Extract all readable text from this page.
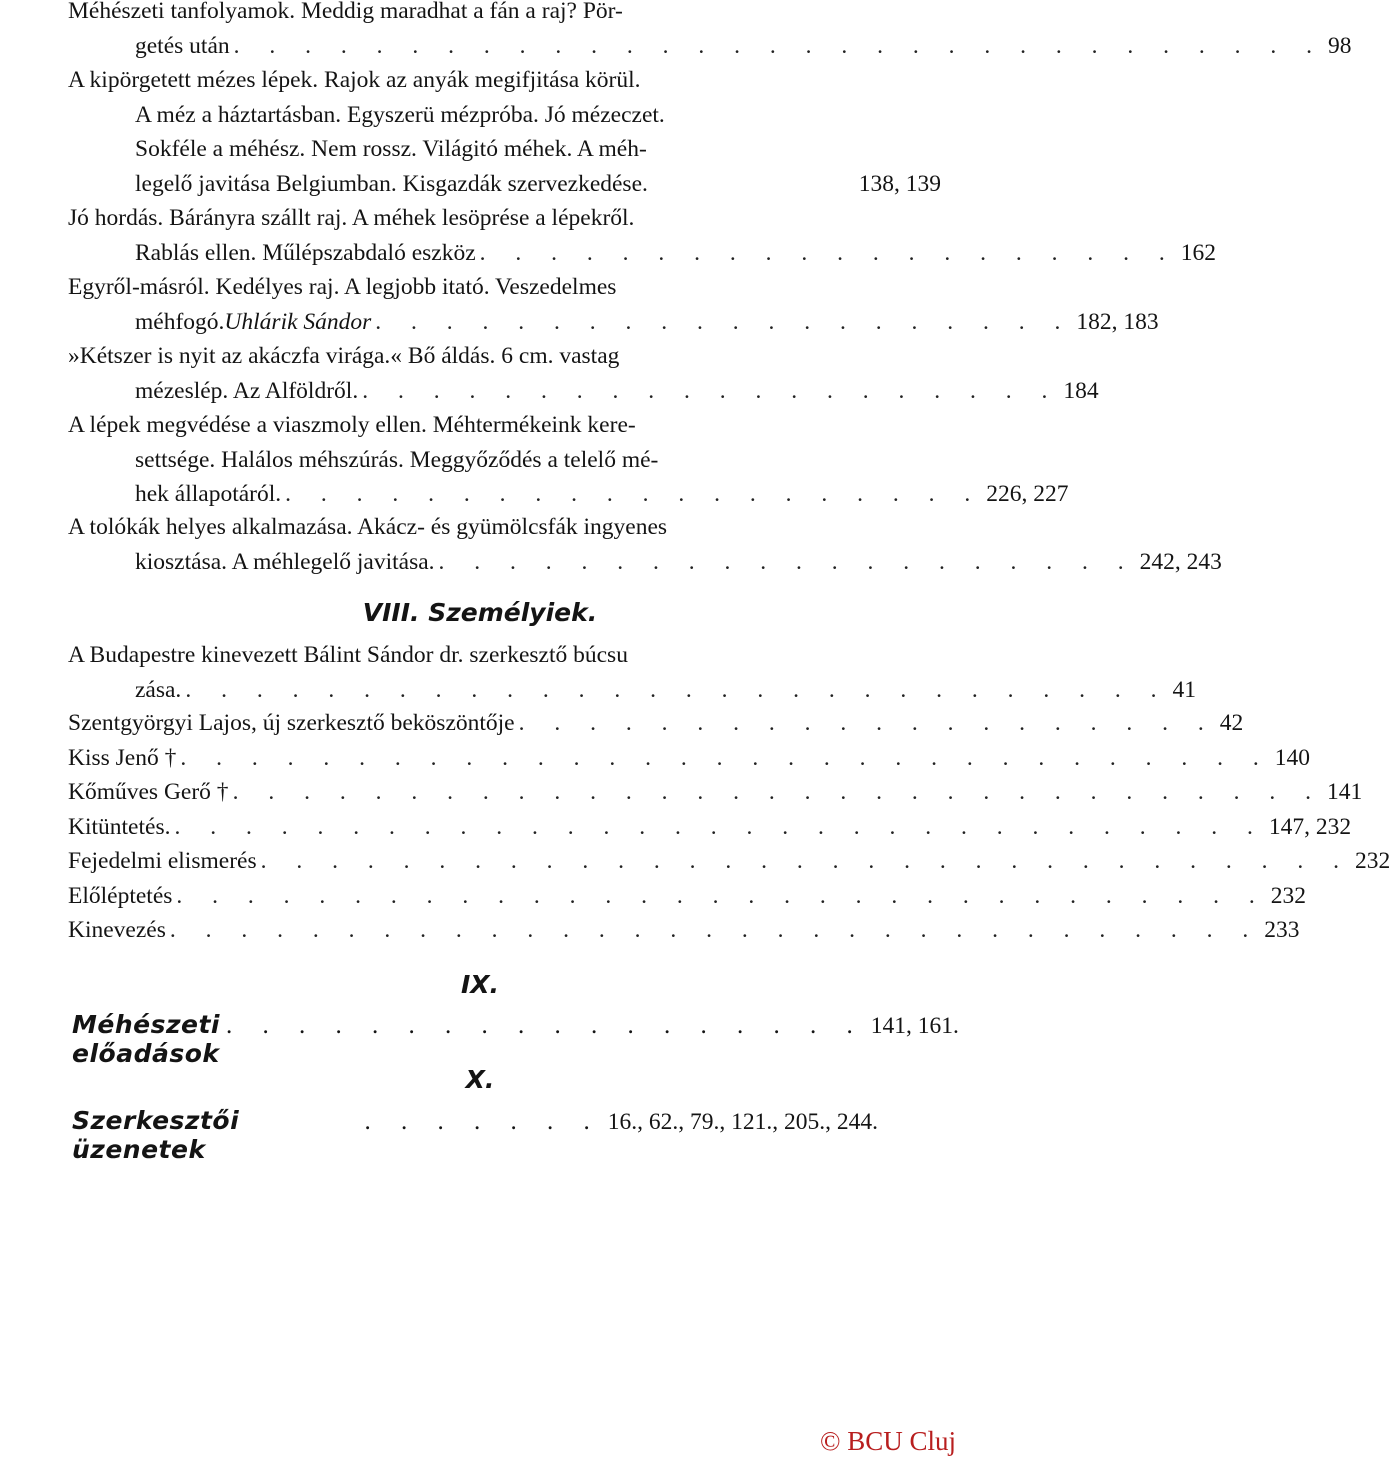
Méhészeti tanfolyamok. Meddig maradhat a fán a raj? Pör-
getés után . . . . . . . . . . . . . . . . . . . . . . . . . . . . . . . 98
A kipörgetett mézes lépek. Rajok az anyák megifjitása körül.
A méz a háztartásban. Egyszerü mézpróba. Jó mézeczet.
Sokféle a méhész. Nem rossz. Világitó méhek. A méh-
legelő javitása Belgiumban. Kisgazdák szervezkedése.	138, 139
Jó hordás. Bárányra szállt raj. A méhek lesöprése a lépekről.
Rablás ellen. Műlépszabdaló eszköz . . . . . . . . . . . . . . . . . . . . 162
Egyről-másról. Kedélyes raj. A legjobb itató. Veszedelmes
méhfogó. Uhlárik Sándor . . . . . . . . . . . . . . . . . . . . 182, 183
»Kétszer is nyit az akáczfa virága.« Bő áldás. 6 cm. vastag
mézeslép. Az Alföldről. . . . . . . . . . . . . . . . . . . . . 184
A lépek megvédése a viaszmoly ellen. Méhtermékeink kere-
settsége. Halálos méhszúrás. Meggyőződés a telelő mé-
hek állapotáról. . . . . . . . . . . . . . . . . . . . . 226, 227
A tolókák helyes alkalmazása. Akácz- és gyümölcsfák ingyenes
kiosztása. A méhlegelő javitása. . . . . . . . . . . . . . . . . . . . . 242, 243
VIII. Személyiek.
A Budapestre kinevezett Bálint Sándor dr. szerkesztő búcsu
zása. . . . . . . . . . . . . . . . . . . . . . . . . . . . . 41
Szentgyörgyi Lajos, új szerkesztő beköszöntője . . . . . . . . . . . . . . . . . . . . 42
Kiss Jenő † . . . . . . . . . . . . . . . . . . . . . . . . . . . . . . . 140
Kőműves Gerő † . . . . . . . . . . . . . . . . . . . . . . . . . . . . . . . 141
Kitüntetés. . . . . . . . . . . . . . . . . . . . . . . . . . . . . . . . 147, 232
Fejedelmi elismerés . . . . . . . . . . . . . . . . . . . . . . . . . . . . . . . 232
Előléptetés . . . . . . . . . . . . . . . . . . . . . . . . . . . . . . . 232
Kinevezés . . . . . . . . . . . . . . . . . . . . . . . . . . . . . . . 233
IX.
Méhészeti előadások
. . . . . . . . . . . . . . . . . . 141, 161.
X.
Szerkesztői üzenetek
. . . . . . . 16., 62., 79., 121., 205., 244.
© BCU Cluj
